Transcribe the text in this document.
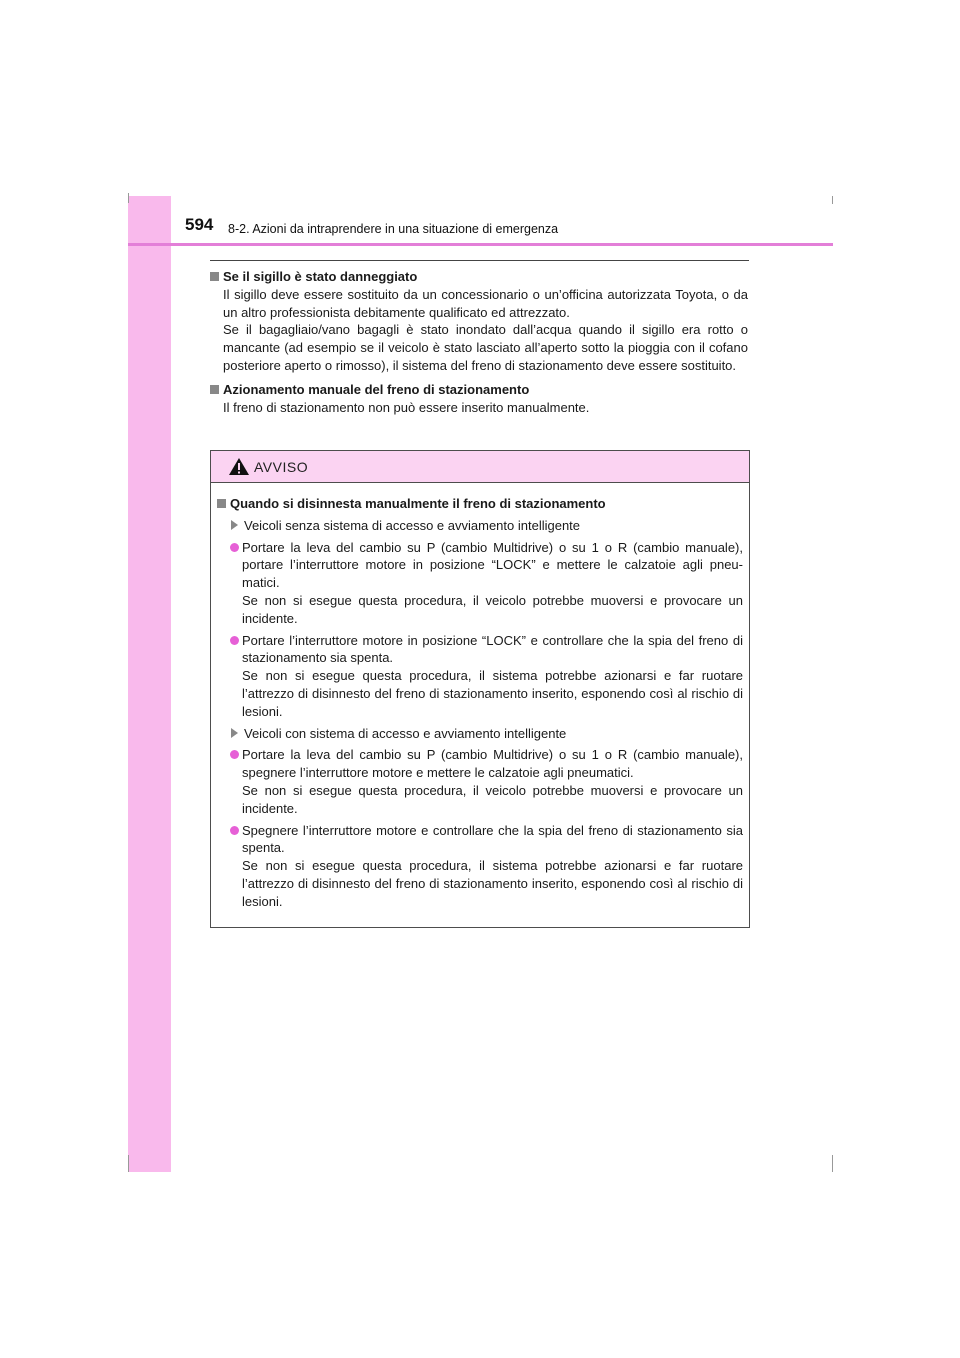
594 8-2. Azioni da intraprendere in una situazione di emergenza

Se il sigillo è stato danneggiato

Il sigillo deve essere sostituito da un concessionario o un’officina autorizzata Toyota, o da un altro professionista debitamente qualificato ed attrezzato.

Se il bagagliaio/vano bagagli è stato inondato dall’acqua quando il sigillo era rotto o mancante (ad esempio se il veicolo è stato lasciato all’aperto sotto la pioggia con il cofano posteriore aperto o rimosso), il sistema del freno di stazionamento deve essere sostituito.

Azionamento manuale del freno di stazionamento

Il freno di stazionamento non può essere inserito manualmente.

AVVISO

Quando si disinnesta manualmente il freno di stazionamento

Veicoli senza sistema di accesso e avviamento intelligente

Portare la leva del cambio su P (cambio Multidrive) o su 1 o R (cambio manuale), portare l’interruttore motore in posizione “LOCK” e mettere le calzatoie agli pneu-matici.
Se non si esegue questa procedura, il veicolo potrebbe muoversi e provocare un incidente.
Portare l’interruttore motore in posizione “LOCK” e controllare che la spia del freno di stazionamento sia spenta.
Se non si esegue questa procedura, il sistema potrebbe azionarsi e far ruotare l’attrezzo di disinnesto del freno di stazionamento inserito, esponendo così al rischio di lesioni.

Veicoli con sistema di accesso e avviamento intelligente

Portare la leva del cambio su P (cambio Multidrive) o su 1 o R (cambio manuale), spegnere l’interruttore motore e mettere le calzatoie agli pneumatici.
Se non si esegue questa procedura, il veicolo potrebbe muoversi e provocare un incidente.
Spegnere l’interruttore motore e controllare che la spia del freno di stazionamento sia spenta.
Se non si esegue questa procedura, il sistema potrebbe azionarsi e far ruotare l’attrezzo di disinnesto del freno di stazionamento inserito, esponendo così al rischio di lesioni.
